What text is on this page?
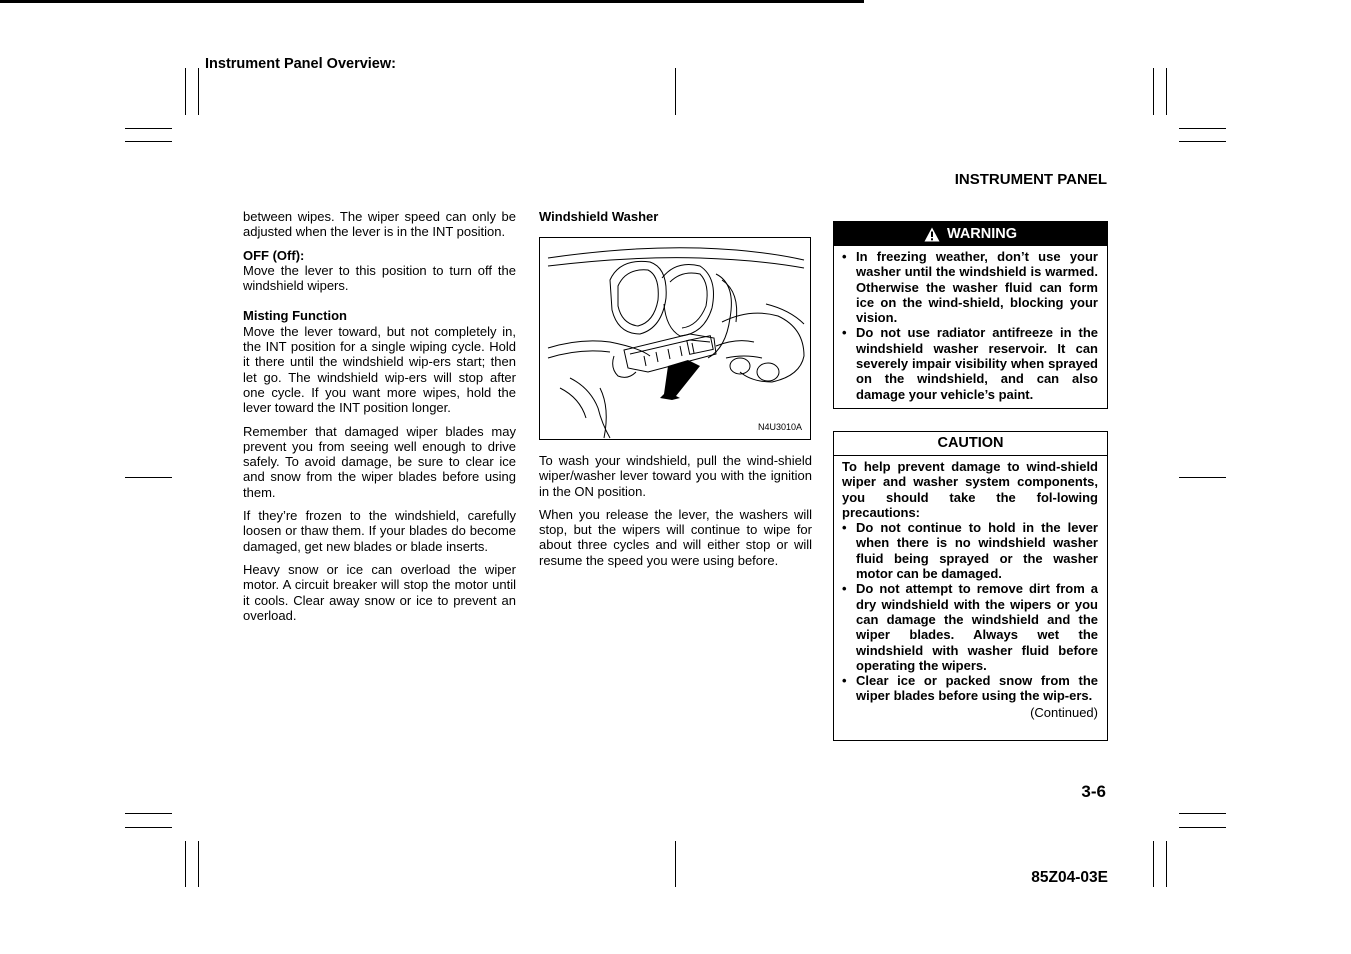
Instrument Panel Overview:
INSTRUMENT PANEL

between wipes. The wiper speed can only be adjusted when the lever is in the INT position.

OFF (Off):
Move the lever to this position to turn off the windshield wipers.

Misting Function
Move the lever toward, but not completely in, the INT position for a single wiping cycle. Hold it there until the windshield wip-ers start; then let go. The windshield wip-ers will stop after one cycle. If you want more wipes, hold the lever toward the INT position longer.

Remember that damaged wiper blades may prevent you from seeing well enough to drive safely. To avoid damage, be sure to clear ice and snow from the wiper blades before using them.

If they’re frozen to the windshield, carefully loosen or thaw them. If your blades do become damaged, get new blades or blade inserts.

Heavy snow or ice can overload the wiper motor. A circuit breaker will stop the motor until it cools. Clear away snow or ice to prevent an overload.

Windshield Washer
N4U3010A

To wash your windshield, pull the wind-shield wiper/washer lever toward you with the ignition in the ON position.

When you release the lever, the washers will stop, but the wipers will continue to wipe for about three cycles and will either stop or will resume the speed you were using before.

WARNING
• In freezing weather, don’t use your washer until the windshield is warmed. Otherwise the washer fluid can form ice on the wind-shield, blocking your vision.
• Do not use radiator antifreeze in the windshield washer reservoir. It can severely impair visibility when sprayed on the windshield, and can also damage your vehicle’s paint.
CAUTION

To help prevent damage to wind-shield wiper and washer system components, you should take the fol-lowing precautions:

• Do not continue to hold in the lever when there is no windshield washer fluid being sprayed or the washer motor can be damaged.
• Do not attempt to remove dirt from a dry windshield with the wipers or you can damage the windshield and the wiper blades. Always wet the windshield with washer fluid before operating the wipers.
• Clear ice or packed snow from the wiper blades before using the wip-ers.
(Continued)
3-6
85Z04-03E
